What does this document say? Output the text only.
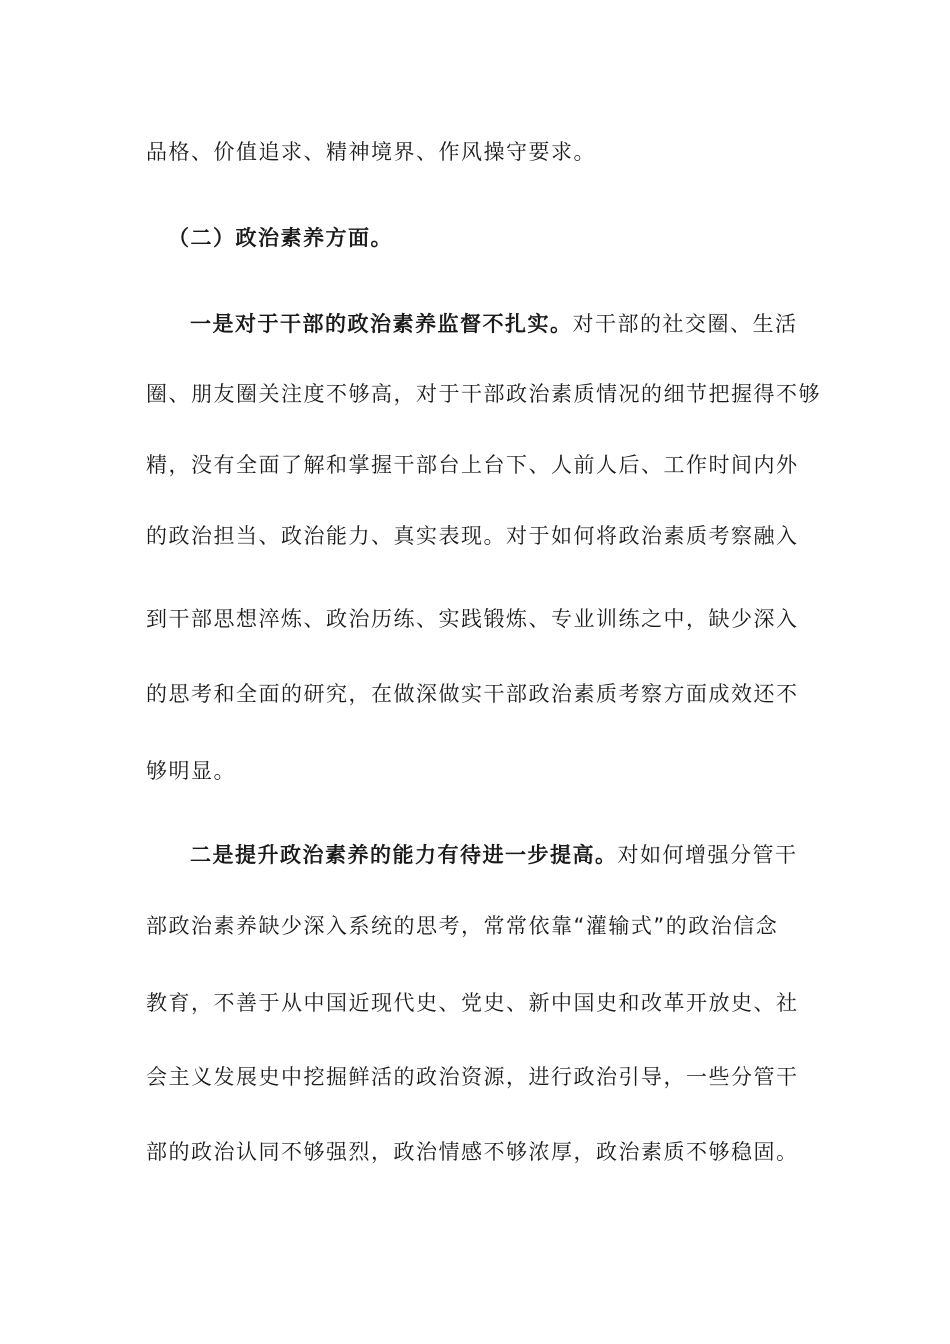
品格、价值追求、精神境界、作风操守要求。
（二）政治素养方面。
一是对于干部的政治素养监督不扎实。对干部的社交圈、生活
圈、朋友圈关注度不够高，对于干部政治素质情况的细节把握得不够
精，没有全面了解和掌握干部台上台下、人前人后、工作时间内外
的政治担当、政治能力、真实表现。对于如何将政治素质考察融入
到干部思想淬炼、政治历练、实践锻炼、专业训练之中，缺少深入
的思考和全面的研究，在做深做实干部政治素质考察方面成效还不
够明显。
二是提升政治素养的能力有待进一步提高。对如何增强分管干
部政治素养缺少深入系统的思考，常常依靠“灌输式”的政治信念
教育，不善于从中国近现代史、党史、新中国史和改革开放史、社
会主义发展史中挖掘鲜活的政治资源，进行政治引导，一些分管干
部的政治认同不够强烈，政治情感不够浓厚，政治素质不够稳固。
